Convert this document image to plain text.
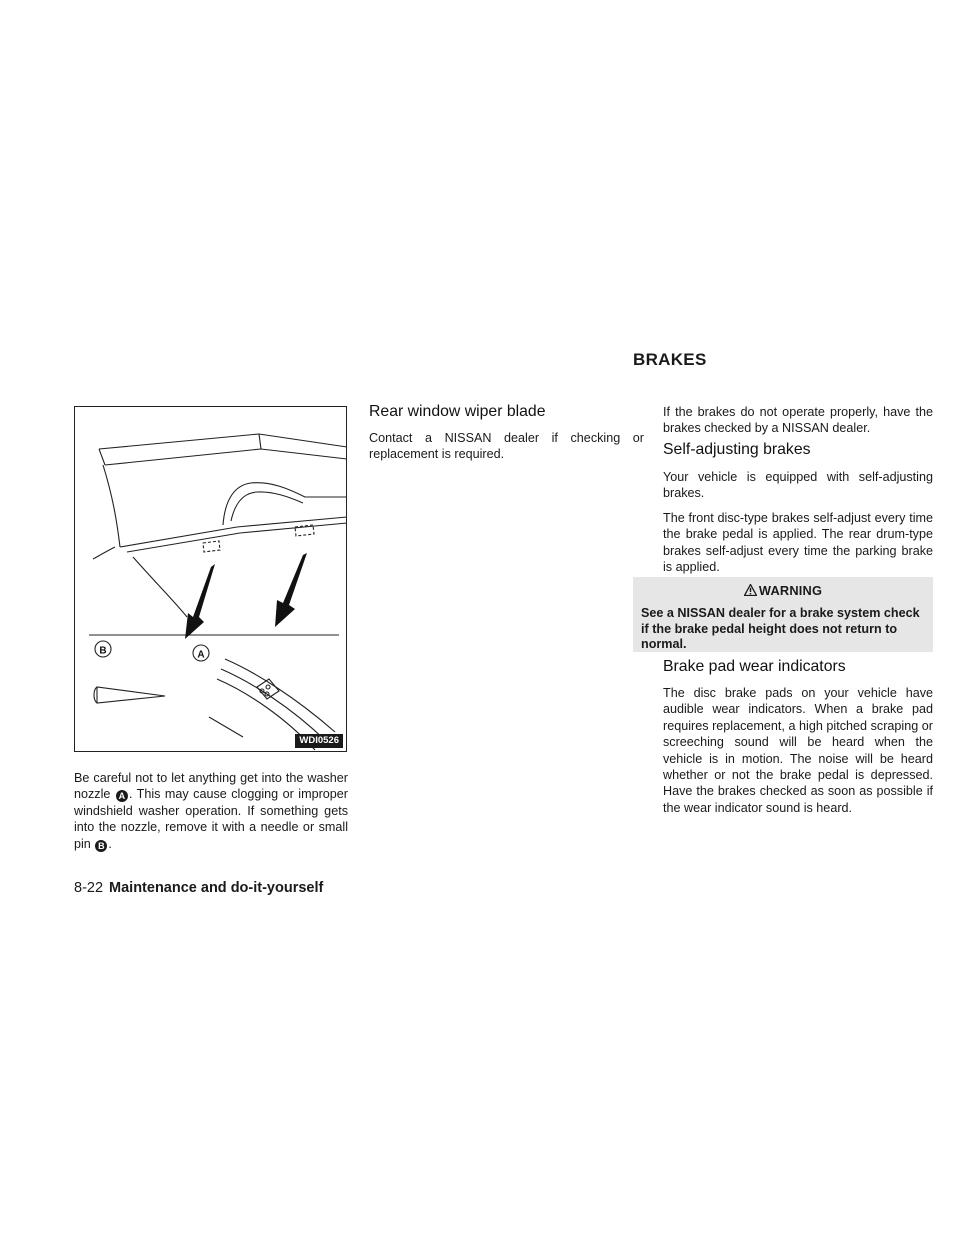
BRAKES
B	A
WDI0526

Be careful not to let anything get into the washer nozzle A . This may cause clogging or improper windshield washer operation. If something gets into the nozzle, remove it with a needle or small pin B .

Rear window wiper blade

Contact a NISSAN dealer if checking or replacement is required.

If the brakes do not operate properly, have the brakes checked by a NISSAN dealer.

Self-adjusting brakes

Your vehicle is equipped with self-adjusting brakes.

The front disc-type brakes self-adjust every time the brake pedal is applied. The rear drum-type brakes self-adjust every time the parking brake is applied.

WARNING
See a NISSAN dealer for a brake system check if the brake pedal height does not return to normal.
Brake pad wear indicators

The disc brake pads on your vehicle have audible wear indicators. When a brake pad requires replacement, a high pitched scraping or screeching sound will be heard when the vehicle is in motion. The noise will be heard whether or not the brake pedal is depressed. Have the brakes checked as soon as possible if the wear indicator sound is heard.

8-22 Maintenance and do-it-yourself
